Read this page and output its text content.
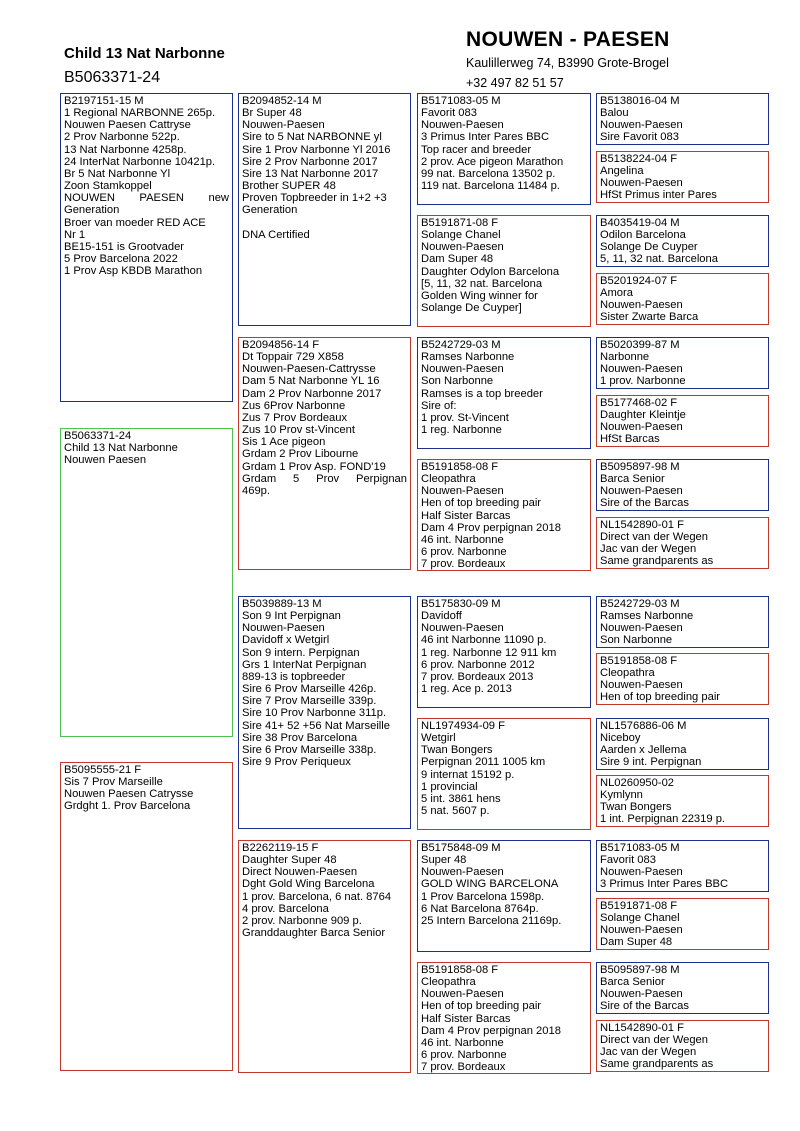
Child 13 Nat Narbonne
B5063371-24
NOUWEN - PAESEN
Kaulillerweg 74, B3990 Grote-Brogel
+32 497 82 51 57
B2197151-15 M
1 Regional NARBONNE 265p.
Nouwen Paesen Cattryse
2 Prov Narbonne 522p.
13 Nat Narbonne 4258p.
24 InterNat Narbonne 10421p.
Br 5 Nat Narbonne Yl
Zoon Stamkoppel
NOUWEN PAESEN new
Generation
Broer van moeder RED ACE
Nr 1
BE15-151 is Grootvader
5 Prov Barcelona 2022
1 Prov Asp KBDB Marathon
B5063371-24
Child 13 Nat Narbonne
Nouwen Paesen
B5095555-21 F
Sis 7 Prov Marseille
Nouwen Paesen Catrysse
Grdght 1. Prov Barcelona
B2094852-14 M
Br Super 48
Nouwen-Paesen
Sire to 5 Nat NARBONNE yl
Sire 1 Prov Narbonne Yl 2016
Sire 2 Prov Narbonne 2017
Sire 13 Nat Narbonne 2017
Brother SUPER 48
Proven Topbreeder in 1+2 +3
Generation
DNA Certified
B2094856-14 F
Dt Toppair 729 X858
Nouwen-Paesen-Cattrysse
Dam 5 Nat Narbonne YL 16
Dam 2 Prov Narbonne 2017
Zus 6Prov Narbonne
Zus 7 Prov Bordeaux
Zus 10 Prov st-Vincent
Sis 1 Ace pigeon
Grdam 2 Prov Libourne
Grdam 1 Prov Asp. FOND'19
Grdam 5 Prov Perpignan
469p.
B5039889-13 M
Son 9 Int Perpignan
Nouwen-Paesen
Davidoff x Wetgirl
Son 9 intern. Perpignan
Grs 1 InterNat Perpignan
889-13 is topbreeder
Sire 6 Prov Marseille 426p.
Sire 7 Prov Marseille 339p.
Sire 10 Prov Narbonne 311p.
Sire 41+ 52 +56 Nat Marseille
Sire 38 Prov Barcelona
Sire 6 Prov Marseille 338p.
Sire 9 Prov Periqueux
B2262119-15 F
Daughter Super 48
Direct Nouwen-Paesen
Dght Gold Wing Barcelona
1 prov. Barcelona, 6 nat. 8764
4 prov. Barcelona
2 prov. Narbonne 909 p.
Granddaughter Barca Senior
B5171083-05 M
Favorit 083
Nouwen-Paesen
3 Primus Inter Pares BBC
Top racer and breeder
2 prov. Ace pigeon Marathon
99 nat. Barcelona 13502 p.
119 nat. Barcelona 11484 p.
B5191871-08 F
Solange Chanel
Nouwen-Paesen
Dam Super 48
Daughter Odylon Barcelona
[5, 11, 32 nat. Barcelona
Golden Wing winner for
Solange De Cuyper]
B5242729-03 M
Ramses Narbonne
Nouwen-Paesen
Son Narbonne
Ramses is a top breeder
Sire of:
1 prov. St-Vincent
1 reg. Narbonne
B5191858-08 F
Cleopathra
Nouwen-Paesen
Hen of top breeding pair
Half Sister Barcas
Dam 4 Prov perpignan 2018
46 int. Narbonne
6 prov. Narbonne
7 prov. Bordeaux
B5175830-09 M
Davidoff
Nouwen-Paesen
46 int Narbonne 11090 p.
1 reg. Narbonne 12 911 km
6 prov. Narbonne 2012
7 prov. Bordeaux 2013
1 reg. Ace p. 2013
NL1974934-09 F
Wetgirl
Twan Bongers
Perpignan 2011 1005 km
9 internat 15192 p.
1 provincial
5 int. 3861 hens
5 nat. 5607 p.
B5175848-09 M
Super 48
Nouwen-Paesen
GOLD WING BARCELONA
1 Prov Barcelona 1598p.
6 Nat Barcelona 8764p.
25 Intern Barcelona 21169p.
B5191858-08 F
Cleopathra
Nouwen-Paesen
Hen of top breeding pair
Half Sister Barcas
Dam 4 Prov perpignan 2018
46 int. Narbonne
6 prov. Narbonne
7 prov. Bordeaux
B5138016-04 M
Balou
Nouwen-Paesen
Sire Favorit 083
B5138224-04 F
Angelina
Nouwen-Paesen
HfSt Primus inter Pares
B4035419-04 M
Odilon Barcelona
Solange De Cuyper
5, 11, 32 nat. Barcelona
B5201924-07 F
Amora
Nouwen-Paesen
Sister Zwarte Barca
B5020399-87 M
Narbonne
Nouwen-Paesen
1 prov. Narbonne
B5177468-02 F
Daughter Kleintje
Nouwen-Paesen
HfSt Barcas
B5095897-98 M
Barca Senior
Nouwen-Paesen
Sire of the Barcas
NL1542890-01 F
Direct van der Wegen
Jac van der Wegen
Same grandparents as
B5242729-03 M
Ramses Narbonne
Nouwen-Paesen
Son Narbonne
B5191858-08 F
Cleopathra
Nouwen-Paesen
Hen of top breeding pair
NL1576886-06 M
Niceboy
Aarden x Jellema
Sire 9 int. Perpignan
NL0260950-02
Kymlynn
Twan Bongers
1 int. Perpignan 22319 p.
B5171083-05 M
Favorit 083
Nouwen-Paesen
3 Primus Inter Pares BBC
B5191871-08 F
Solange Chanel
Nouwen-Paesen
Dam Super 48
B5095897-98 M
Barca Senior
Nouwen-Paesen
Sire of the Barcas
NL1542890-01 F
Direct van der Wegen
Jac van der Wegen
Same grandparents as
